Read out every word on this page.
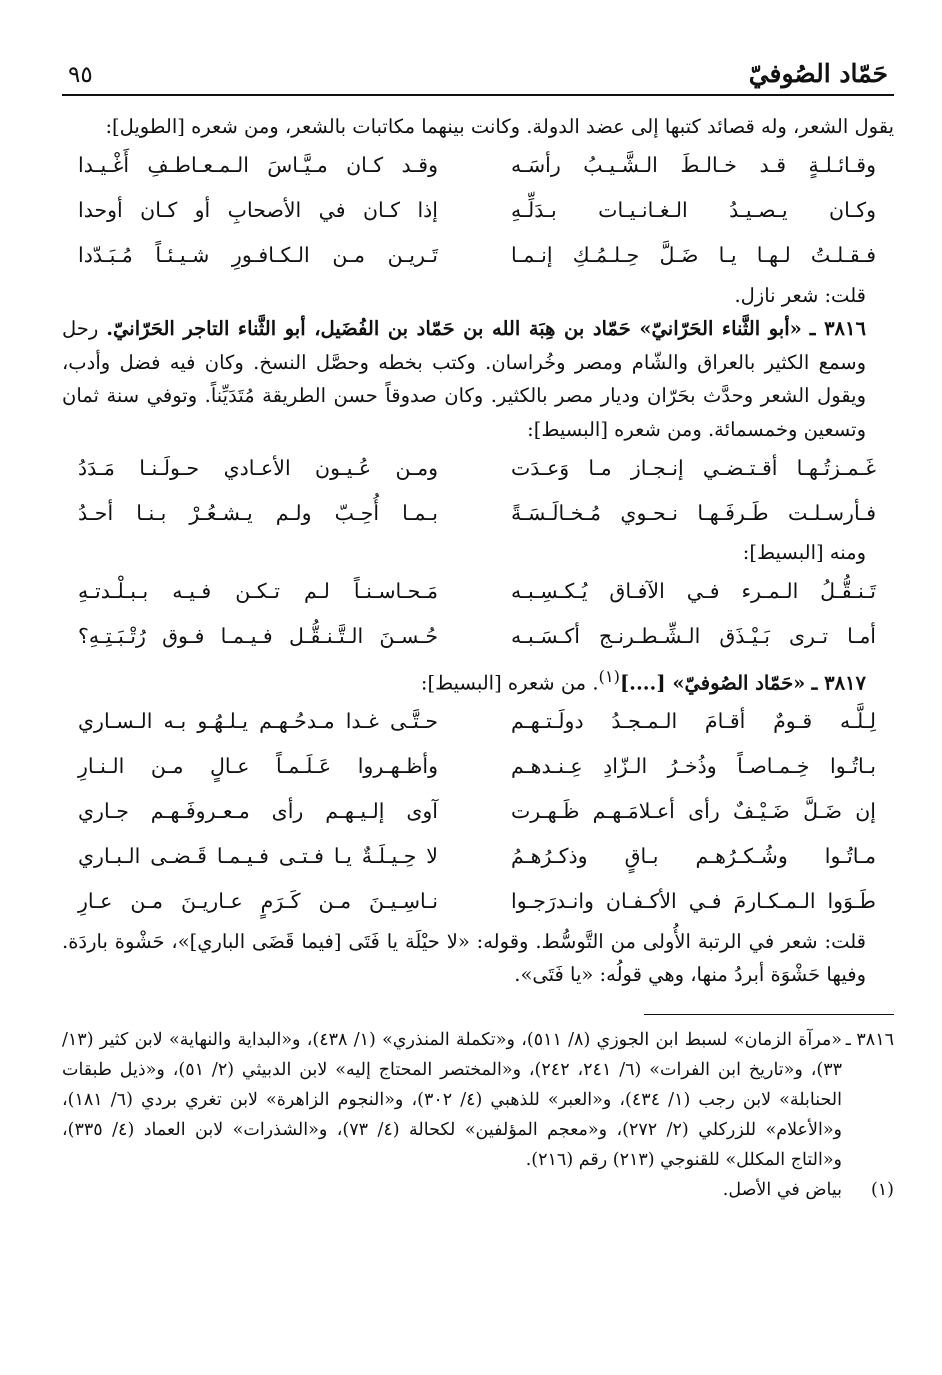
حَمّاد الصُوفيّ
٩٥

يقول الشعر، وله قصائد كتبها إلى عضد الدولة. وكانت بينهما مكاتبات بالشعر، ومن شعره [الطويل]:

وقـائـلـةٍ قـد خـالـطَ الـشَّـيـبُ رأسَـه
وقـد كـان مـيَّـاسَ الـمـعـاطـفِ أَغْـيـدا
وكـان يـصـيـدُ الـغـانـيـات بـدَلِّـهِ
إذا كـان في الأصحابِ أو كـان أوحدا
فـقـلـتُ لـهـا يـا ضَـلَّ حِـلـمُـكِ إنـمـا
تَـريـن مـن الـكـافـورِ شـيـئـاً مُـبَـدّدا

قلت: شعر نازل.

٣٨١٦ ـ «أبو الثَّناء الحَرّانيّ» حَمّاد بن هِبَة الله بن حَمّاد بن الفُضَيل، أبو الثَّناء التاجر الحَرّانيّ. رحل وسمع الكثير بالعراق والشّام ومصر وخُراسان. وكتب بخطه وحصَّل النسخ. وكان فيه فضل وأدب، ويقول الشعر وحدَّث بحَرّان وديار مصر بالكثير. وكان صدوقاً حسن الطريقة مُتَدَيِّناً. وتوفي سنة ثمان وتسعين وخمسمائة. ومن شعره [البسيط]:

غَـمـزتُـهـا أقـتـضـي إنـجـاز مـا وَعـدَت
ومـن عُـيـون الأعـادي حـولَـنـا مَـدَدُ
فـأرسـلـت طَـرفَـهـا نـحـوي مُـخـالَـسَـةً
بـمـا أُحِـبّ ولـم يـشـعُـرْ بـنـا أحـدُ

ومنه [البسيط]:

تَـنـقُّـلُ الـمـرء فـي الآفـاق يُـكـسِـبـه
مَـحـاسـنـاً لـم تـكـن فـيـه بـبـلْـدتـهِ
أمـا تـرى بَـيْـذَق الـشِّـطـرنـج أكـسَـبـه
حُـسـنَ الـتَّـنـقُّـل فـيـمـا فـوق رُتْـبَـتِـهِ؟

٣٨١٧ ـ «حَمّاد الصُوفيّ» [....]$^{(١)}$. من شعره [البسيط]:

لِـلَّـه قـومٌ أقـامَ الـمـجـدُ دولَـتـهـم
حـتَّـى غـدا مـدحُـهـم يـلـهُـو بـه الـسـاري
بـاتُـوا خِـمـاصـاً وذُخـرُ الـزّادِ عِـنـدهـم
وأظـهـروا عَـلَـمـاً عـالٍ مـن الـنـارِ
إن ضَـلَّ ضَـيْـفٌ رأى أعـلامَـهـم ظَـهـرت
آوى إلـيـهـم رأى مـعـروفَـهـم جـاري
مـاتُـوا وشُـكـرُهـم بـاقٍ وذكـرُهـمُ
لا حِـيـلَـةٌ يـا فـتـى فـيـمـا قَـضـى الـبـاري
طَـوَوا الـمـكـارمَ فـي الأكـفـان وانـدرَجـوا
نـاسِـيـنَ مـن كَـرَمٍ عـاريـنَ مـن عـارِ

قلت: شعر في الرتبة الأُولى من التَّوسُّط. وقوله: «لا حيْلَة يا فَتَى [فيما قَضَى الباري]»، حَشْوة باردَة. وفيها حَشْوَة أبردُ منها، وهي قولُه: «يا فَتَى».

٣٨١٦ ـ
«مرآة الزمان» لسبط ابن الجوزي (٨/ ٥١١)، و«تكملة المنذري» (١/ ٤٣٨)، و«البداية والنهاية» لابن كثير (١٣/ ٣٣)، و«تاريخ ابن الفرات» (٦/ ٢٤١، ٢٤٢)، و«المختصر المحتاج إليه» لابن الدبيثي (٢/ ٥١)، و«ذيل طبقات الحنابلة» لابن رجب (١/ ٤٣٤)، و«العبر» للذهبي (٤/ ٣٠٢)، و«النجوم الزاهرة» لابن تغري بردي (٦/ ١٨١)، و«الأعلام» للزركلي (٢/ ٢٧٢)، و«معجم المؤلفين» لكحالة (٤/ ٧٣)، و«الشذرات» لابن العماد (٤/ ٣٣٥)، و«التاج المكلل» للقنوجي (٢١٣) رقم (٢١٦).
(١)
بياض في الأصل.
